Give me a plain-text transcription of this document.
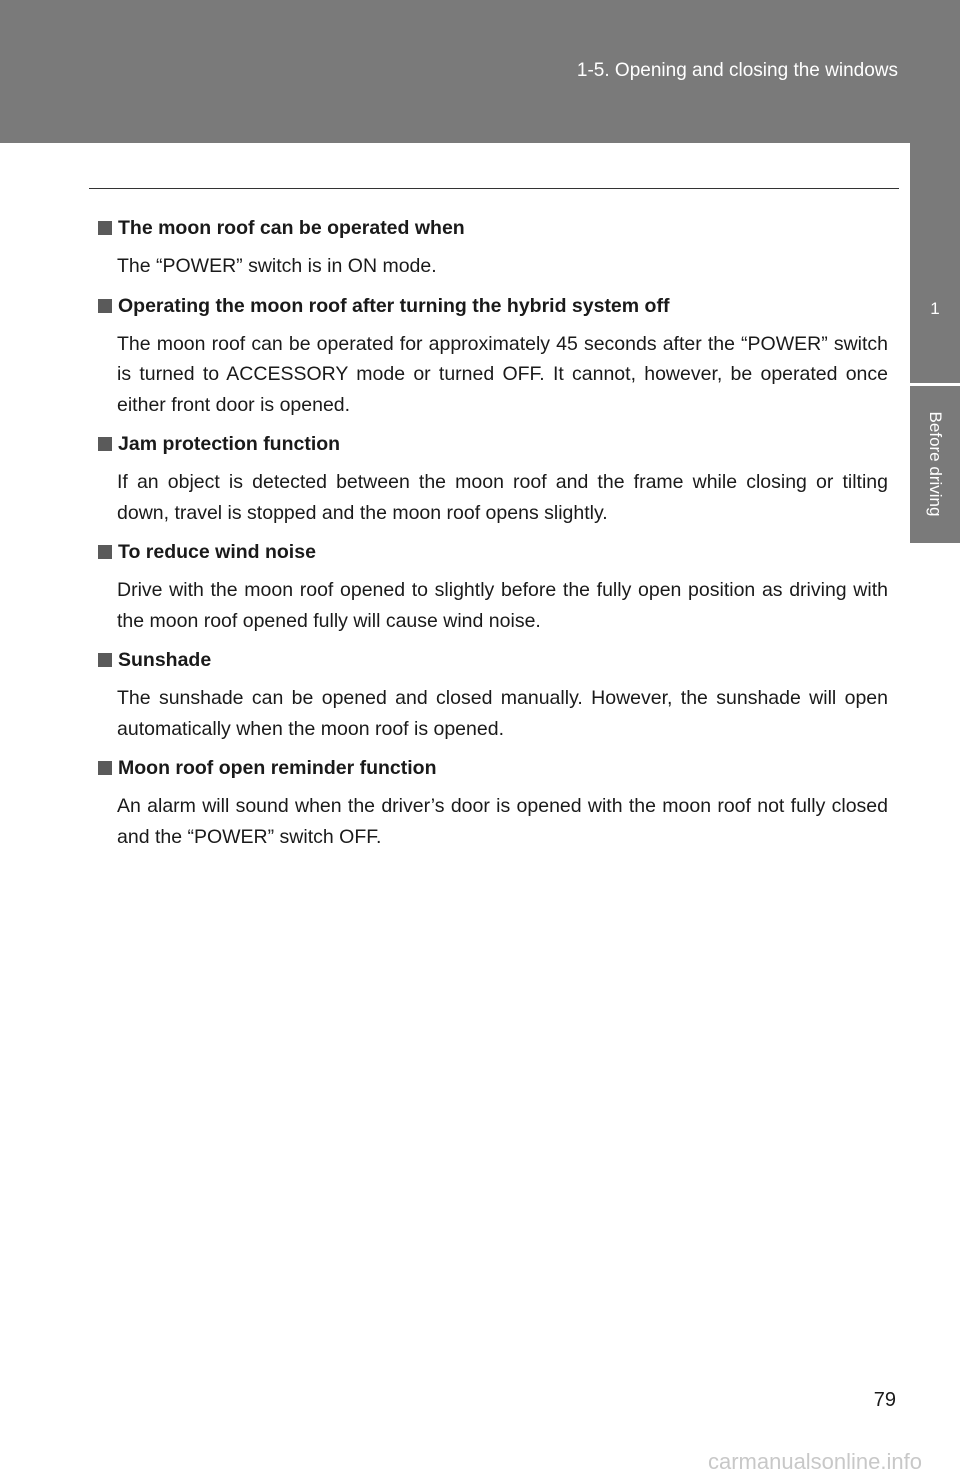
1-5. Opening and closing the windows
1
Before driving
The moon roof can be operated when
The “POWER” switch is in ON mode.
Operating the moon roof after turning the hybrid system off
The moon roof can be operated for approximately 45 seconds after the “POWER” switch is turned to ACCESSORY mode or turned OFF. It cannot, however, be operated once either front door is opened.
Jam protection function
If an object is detected between the moon roof and the frame while closing or tilting down, travel is stopped and the moon roof opens slightly.
To reduce wind noise
Drive with the moon roof opened to slightly before the fully open position as driving with the moon roof opened fully will cause wind noise.
Sunshade
The sunshade can be opened and closed manually. However, the sunshade will open automatically when the moon roof is opened.
Moon roof open reminder function
An alarm will sound when the driver’s door is opened with the moon roof not fully closed and the “POWER” switch OFF.
79
carmanualsonline.info
